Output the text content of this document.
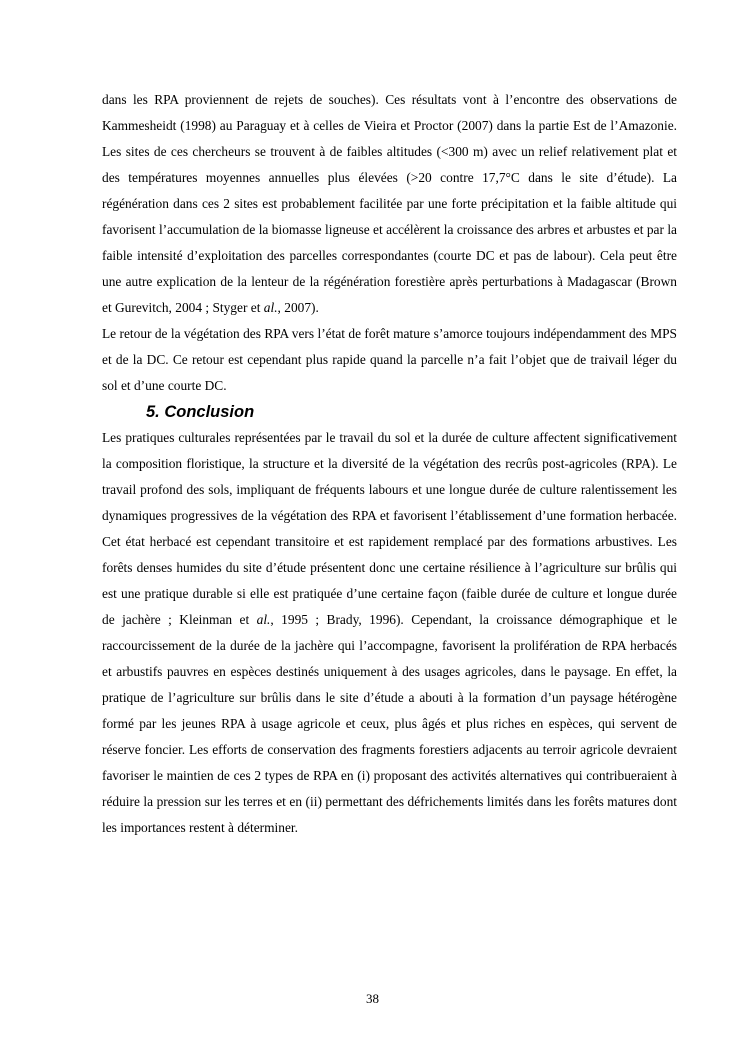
dans les RPA proviennent de rejets de souches). Ces résultats vont à l’encontre des observations de Kammesheidt (1998) au Paraguay et à celles de Vieira et Proctor (2007) dans la partie Est de l’Amazonie. Les sites de ces chercheurs se trouvent à de faibles altitudes (<300 m) avec un relief relativement plat et des températures moyennes annuelles plus élevées (>20 contre 17,7°C dans le site d’étude). La régénération dans ces 2 sites est probablement facilitée par une forte précipitation et la faible altitude qui favorisent l’accumulation de la biomasse ligneuse et accélèrent la croissance des arbres et arbustes et par la faible intensité d’exploitation des parcelles correspondantes (courte DC et pas de labour). Cela peut être une autre explication de la lenteur de la régénération forestière après perturbations à Madagascar (Brown et Gurevitch, 2004 ; Styger et al., 2007).

Le retour de la végétation des RPA vers l’état de forêt mature s’amorce toujours indépendamment des MPS et de la DC. Ce retour est cependant plus rapide quand la parcelle n’a fait l’objet que de traivail léger du sol et d’une courte DC.

5. Conclusion

Les pratiques culturales représentées par le travail du sol et la durée de culture affectent significativement la composition floristique, la structure et la diversité de la végétation des recrûs post-agricoles (RPA). Le travail profond des sols, impliquant de fréquents labours et une longue durée de culture ralentissement les dynamiques progressives de la végétation des RPA et favorisent l’établissement d’une formation herbacée. Cet état herbacé est cependant transitoire et est rapidement remplacé par des formations arbustives. Les forêts denses humides du site d’étude présentent donc une certaine résilience à l’agriculture sur brûlis qui est une pratique durable si elle est pratiquée d’une certaine façon (faible durée de culture et longue durée de jachère ; Kleinman et al., 1995 ; Brady, 1996). Cependant, la croissance démographique et le raccourcissement de la durée de la jachère qui l’accompagne, favorisent la prolifération de RPA herbacés et arbustifs pauvres en espèces destinés uniquement à des usages agricoles, dans le paysage. En effet, la pratique de l’agriculture sur brûlis dans le site d’étude a abouti à la formation d’un paysage hétérogène formé par les jeunes RPA à usage agricole et ceux, plus âgés et plus riches en espèces, qui servent de réserve foncier. Les efforts de conservation des fragments forestiers adjacents au terroir agricole devraient favoriser le maintien de ces 2 types de RPA en (i) proposant des activités alternatives qui contribueraient à réduire la pression sur les terres et en (ii) permettant des défrichements limités dans les forêts matures dont les importances restent à déterminer.

38
